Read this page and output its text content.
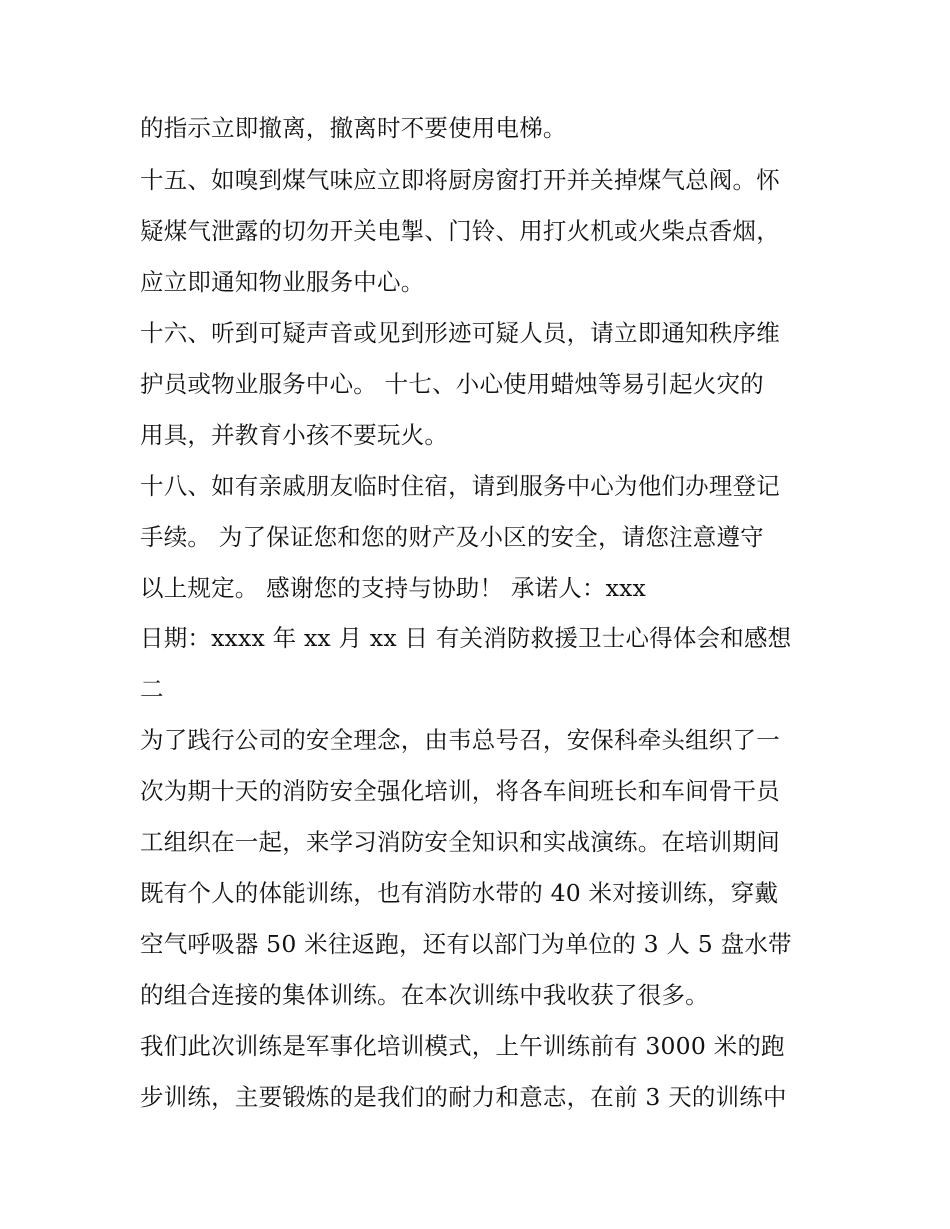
的指示立即撤离，撤离时不要使用电梯。
十五、如嗅到煤气味应立即将厨房窗打开并关掉煤气总阀。怀
疑煤气泄露的切勿开关电掣、门铃、用打火机或火柴点香烟，
应立即通知物业服务中心。
十六、听到可疑声音或见到形迹可疑人员，请立即通知秩序维
护员或物业服务中心。 十七、小心使用蜡烛等易引起火灾的
用具，并教育小孩不要玩火。
十八、如有亲戚朋友临时住宿，请到服务中心为他们办理登记
手续。 为了保证您和您的财产及小区的安全，请您注意遵守
以上规定。 感谢您的支持与协助！ 承诺人：xxx
日期：xxxx 年 xx 月 xx 日 有关消防救援卫士心得体会和感想
二
为了践行公司的安全理念，由韦总号召，安保科牵头组织了一
次为期十天的消防安全强化培训，将各车间班长和车间骨干员
工组织在一起，来学习消防安全知识和实战演练。在培训期间
既有个人的体能训练，也有消防水带的 40 米对接训练，穿戴
空气呼吸器 50 米往返跑，还有以部门为单位的 3 人 5 盘水带
的组合连接的集体训练。在本次训练中我收获了很多。
我们此次训练是军事化培训模式，上午训练前有 3000 米的跑
步训练，主要锻炼的是我们的耐力和意志，在前 3 天的训练中
